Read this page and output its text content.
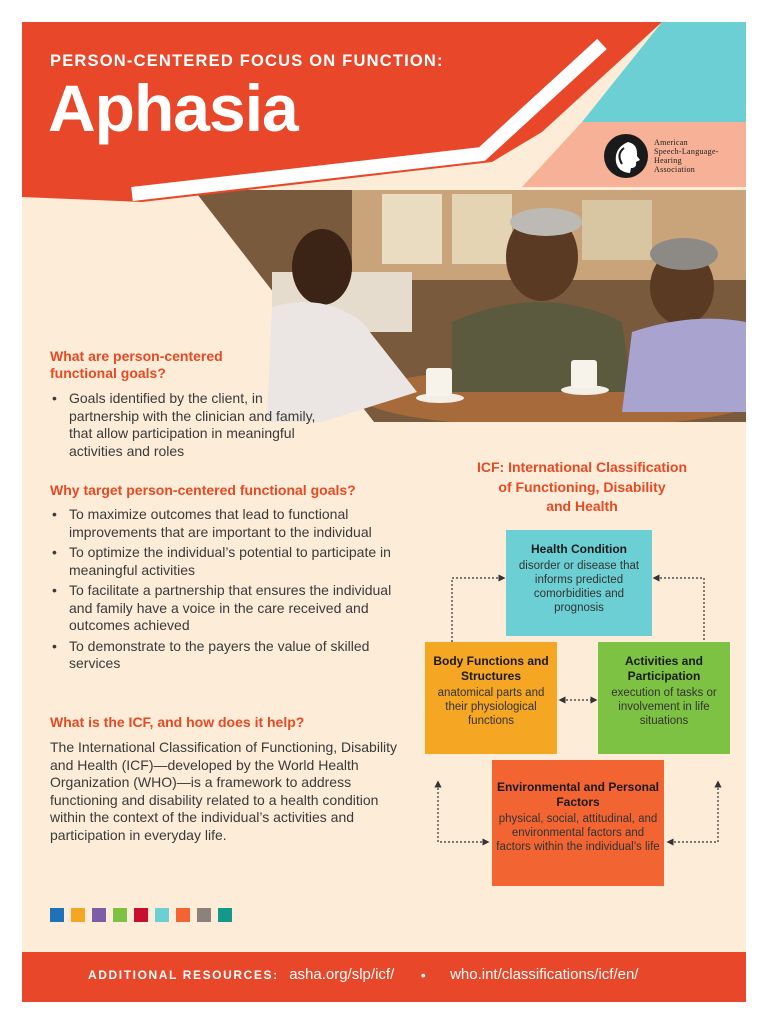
PERSON-CENTERED FOCUS ON FUNCTION:
Aphasia	American
Speech-Language-
Hearing
Association
What are person-centered
functional goals?
• Goals identified by the client, in partnership with the clinician and family, that allow participation in meaningful activities and roles
Why target person-centered functional goals?
• To maximize outcomes that lead to functional improvements that are important to the individual
• To optimize the individual’s potential to participate in meaningful activities
• To facilitate a partnership that ensures the individual and family have a voice in the care received and outcomes achieved
• To demonstrate to the payers the value of skilled services
What is the ICF, and how does it help?
The International Classification of Functioning, Disability and Health (ICF)—developed by the World Health Organization (WHO)—is a framework to address functioning and disability related to a health condition within the context of the individual’s activities and participation in everyday life.
ICF: International Classification
of Functioning, Disability
and Health
Health Condition
disorder or disease that informs predicted comorbidities and prognosis
Body Functions and Structures
anatomical parts and their physiological functions
Activities and Participation
execution of tasks or involvement in life situations
Environmental and Personal Factors
physical, social, attitudinal, and environmental factors and factors within the individual’s life
ADDITIONAL RESOURCES: asha.org/slp/icf/ • who.int/classifications/icf/en/
